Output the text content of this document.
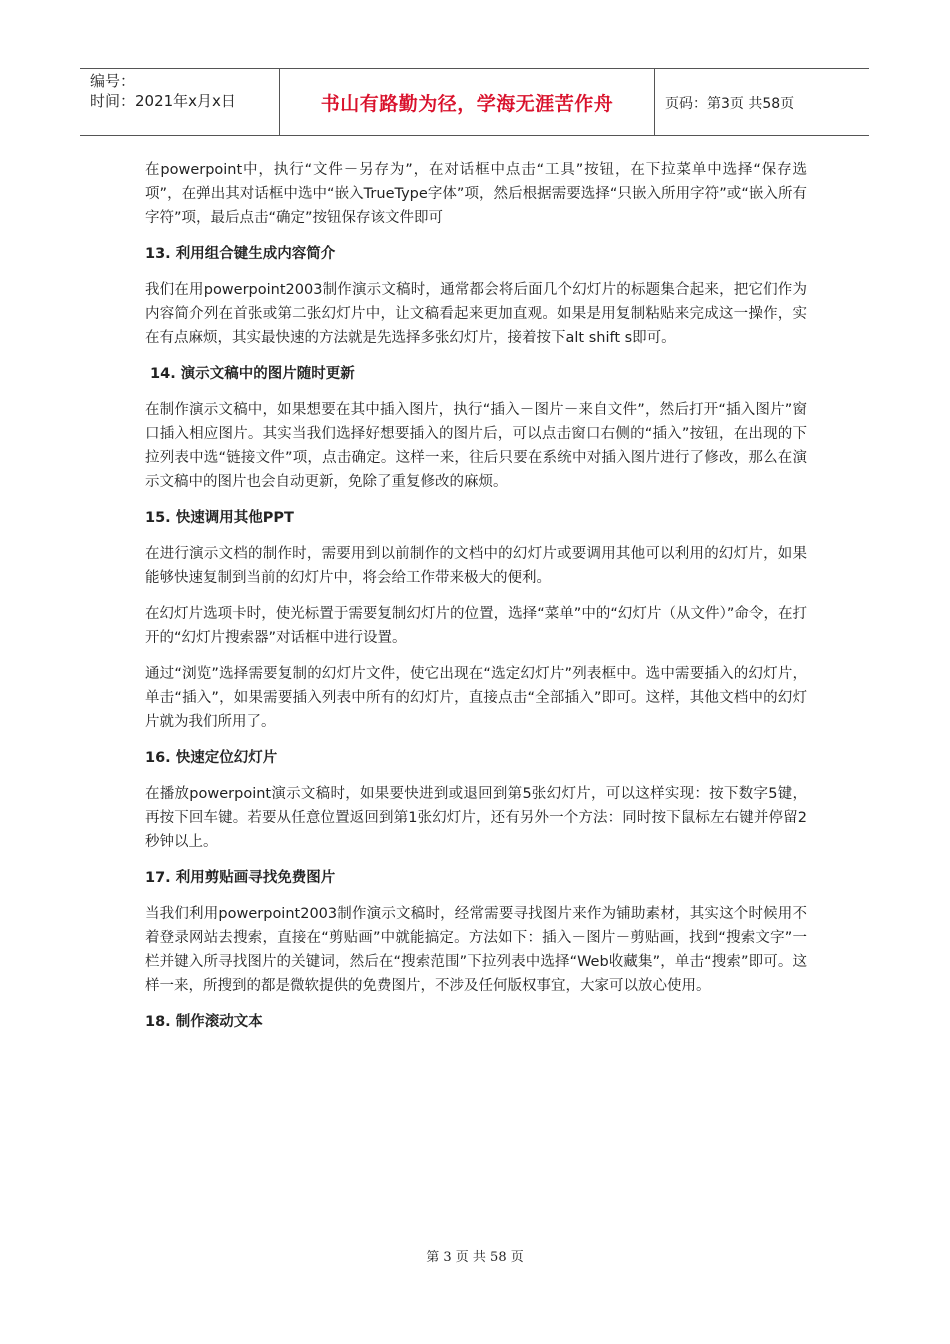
编号：
时间：2021年x月x日	书山有路勤为径，学海无涯苦作舟	页码：第3页 共58页

在powerpoint中，执行“文件－另存为”，在对话框中点击“工具”按钮，在下拉菜单中选择“保存选项”，在弹出其对话框中选中“嵌入TrueType字体”项，然后根据需要选择“只嵌入所用字符”或“嵌入所有字符”项，最后点击“确定”按钮保存该文件即可

13. 利用组合键生成内容简介

我们在用powerpoint2003制作演示文稿时，通常都会将后面几个幻灯片的标题集合起来，把它们作为内容简介列在首张或第二张幻灯片中，让文稿看起来更加直观。如果是用复制粘贴来完成这一操作，实在有点麻烦，其实最快速的方法就是先选择多张幻灯片，接着按下alt shift s即可。

14. 演示文稿中的图片随时更新

在制作演示文稿中，如果想要在其中插入图片，执行“插入－图片－来自文件”，然后打开“插入图片”窗口插入相应图片。其实当我们选择好想要插入的图片后，可以点击窗口右侧的“插入”按钮，在出现的下拉列表中选“链接文件”项，点击确定。这样一来，往后只要在系统中对插入图片进行了修改，那么在演示文稿中的图片也会自动更新，免除了重复修改的麻烦。

15. 快速调用其他PPT

在进行演示文档的制作时，需要用到以前制作的文档中的幻灯片或要调用其他可以利用的幻灯片，如果能够快速复制到当前的幻灯片中，将会给工作带来极大的便利。

在幻灯片选项卡时，使光标置于需要复制幻灯片的位置，选择“菜单”中的“幻灯片（从文件）”命令，在打开的“幻灯片搜索器”对话框中进行设置。

通过“浏览”选择需要复制的幻灯片文件，使它出现在“选定幻灯片”列表框中。选中需要插入的幻灯片，单击“插入”，如果需要插入列表中所有的幻灯片，直接点击“全部插入”即可。这样，其他文档中的幻灯片就为我们所用了。

16. 快速定位幻灯片

在播放powerpoint演示文稿时，如果要快进到或退回到第5张幻灯片，可以这样实现：按下数字5键，再按下回车键。若要从任意位置返回到第1张幻灯片，还有另外一个方法：同时按下鼠标左右键并停留2秒钟以上。

17. 利用剪贴画寻找免费图片

当我们利用powerpoint2003制作演示文稿时，经常需要寻找图片来作为铺助素材，其实这个时候用不着登录网站去搜索，直接在“剪贴画”中就能搞定。方法如下：插入－图片－剪贴画，找到“搜索文字”一栏并键入所寻找图片的关键词，然后在“搜索范围”下拉列表中选择“Web收藏集”，单击“搜索”即可。这样一来，所搜到的都是微软提供的免费图片，不涉及任何版权事宜，大家可以放心使用。

18. 制作滚动文本
第 3 页 共 58 页
